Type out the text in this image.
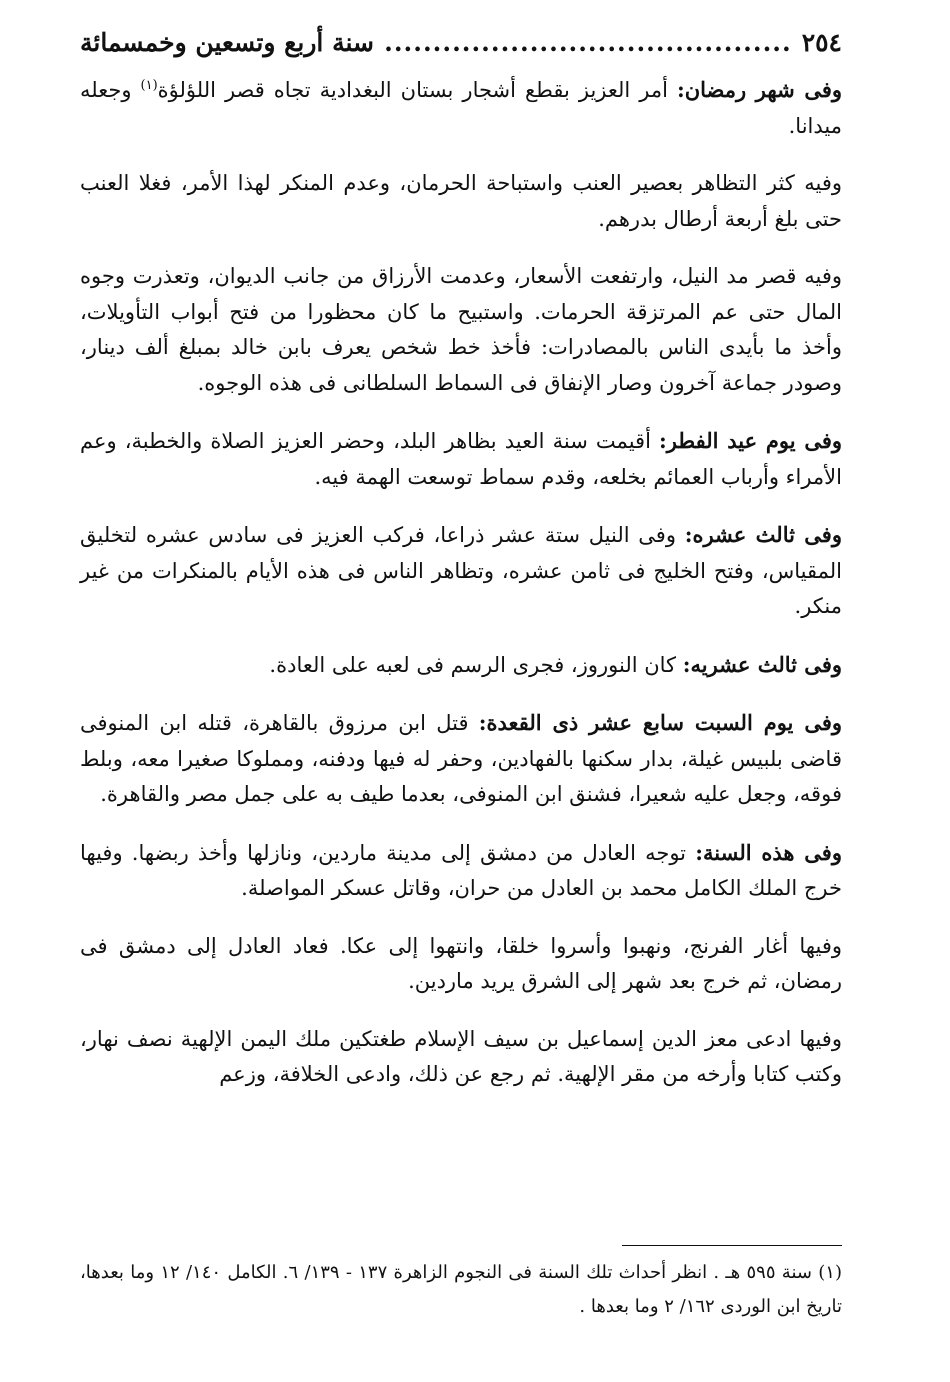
٢٥٤
.....
سنة أربع وتسعين وخمسمائة

وفى شهر رمضان: أمر العزيز بقطع أشجار بستان البغدادية تجاه قصر اللؤلؤة$^{(١)}$ وجعله ميدانا.

وفيه كثر التظاهر بعصير العنب واستباحة الحرمان، وعدم المنكر لهذا الأمر، فغلا العنب حتى بلغ أربعة أرطال بدرهم.

وفيه قصر مد النيل، وارتفعت الأسعار، وعدمت الأرزاق من جانب الديوان، وتعذرت وجوه المال حتى عم المرتزقة الحرمات. واستبيح ما كان محظورا من فتح أبواب التأويلات، وأخذ ما بأيدى الناس بالمصادرات: فأخذ خط شخص يعرف بابن خالد بمبلغ ألف دينار، وصودر جماعة آخرون وصار الإنفاق فى السماط السلطانى فى هذه الوجوه.

وفى يوم عيد الفطر: أقيمت سنة العيد بظاهر البلد، وحضر العزيز الصلاة والخطبة، وعم الأمراء وأرباب العمائم بخلعه، وقدم سماط توسعت الهمة فيه.

وفى ثالث عشره: وفى النيل ستة عشر ذراعا، فركب العزيز فى سادس عشره لتخليق المقياس، وفتح الخليج فى ثامن عشره، وتظاهر الناس فى هذه الأيام بالمنكرات من غير منكر.

وفى ثالث عشريه: كان النوروز، فجرى الرسم فى لعبه على العادة.

وفى يوم السبت سابع عشر ذى القعدة: قتل ابن مرزوق بالقاهرة، قتله ابن المنوفى قاضى بلبيس غيلة، بدار سكنها بالفهادين، وحفر له فيها ودفنه، ومملوكا صغيرا معه، وبلط فوقه، وجعل عليه شعيرا، فشنق ابن المنوفى، بعدما طيف به على جمل مصر والقاهرة.

وفى هذه السنة: توجه العادل من دمشق إلى مدينة ماردين، ونازلها وأخذ ربضها. وفيها خرج الملك الكامل محمد بن العادل من حران، وقاتل عسكر المواصلة.

وفيها أغار الفرنج، ونهبوا وأسروا خلقا، وانتهوا إلى عكا. فعاد العادل إلى دمشق فى رمضان، ثم خرج بعد شهر إلى الشرق يريد ماردين.

وفيها ادعى معز الدين إسماعيل بن سيف الإسلام طغتكين ملك اليمن الإلهية نصف نهار، وكتب كتابا وأرخه من مقر الإلهية. ثم رجع عن ذلك، وادعى الخلافة، وزعم

(١) سنة ٥٩٥ هـ . انظر أحداث تلك السنة فى النجوم الزاهرة ١٣٧ - ١٣٩/ ٦. الكامل ١٤٠/ ١٢ وما بعدها، تاريخ ابن الوردى ١٦٢/ ٢ وما بعدها .
